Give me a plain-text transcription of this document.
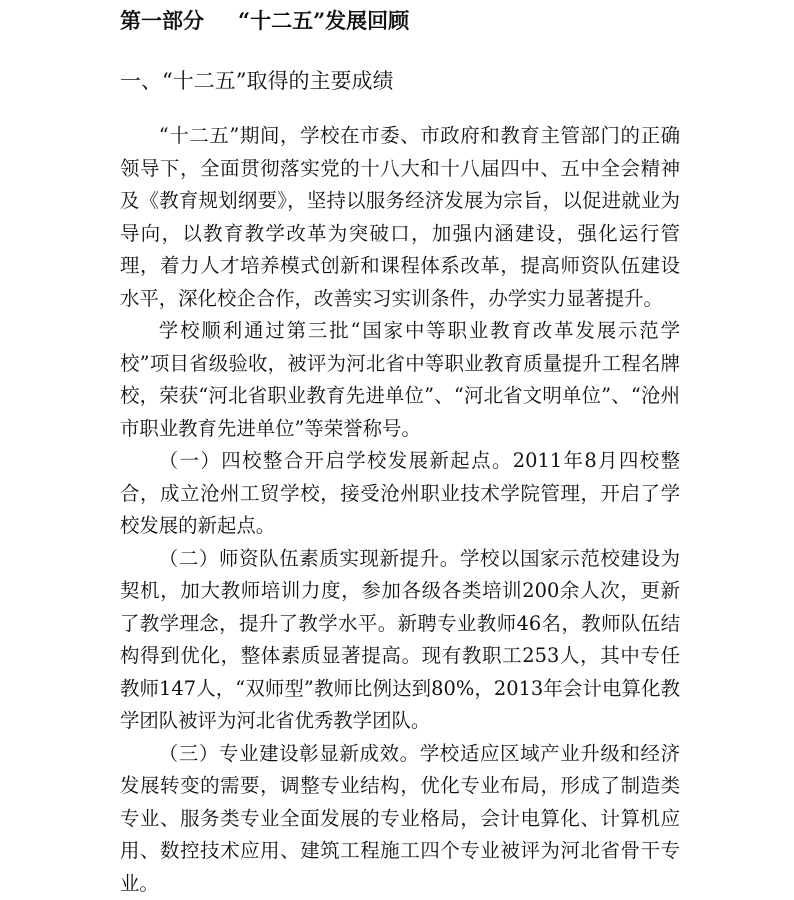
第一部分 “十二五”发展回顾
一、“十二五”取得的主要成绩

“十二五”期间，学校在市委、市政府和教育主管部门的正确领导下，全面贯彻落实党的十八大和十八届四中、五中全会精神及《教育规划纲要》，坚持以服务经济发展为宗旨，以促进就业为导向，以教育教学改革为突破口，加强内涵建设，强化运行管理，着力人才培养模式创新和课程体系改革，提高师资队伍建设水平，深化校企合作，改善实习实训条件，办学实力显著提升。

学校顺利通过第三批“国家中等职业教育改革发展示范学校”项目省级验收，被评为河北省中等职业教育质量提升工程名牌校，荣获“河北省职业教育先进单位”、“河北省文明单位”、“沧州市职业教育先进单位”等荣誉称号。

（一）四校整合开启学校发展新起点。2011年8月四校整合，成立沧州工贸学校，接受沧州职业技术学院管理，开启了学校发展的新起点。

（二）师资队伍素质实现新提升。学校以国家示范校建设为契机，加大教师培训力度，参加各级各类培训200余人次，更新了教学理念，提升了教学水平。新聘专业教师46名，教师队伍结构得到优化，整体素质显著提高。现有教职工253人，其中专任教师147人，“双师型”教师比例达到80%，2013年会计电算化教学团队被评为河北省优秀教学团队。

（三）专业建设彰显新成效。学校适应区域产业升级和经济发展转变的需要，调整专业结构，优化专业布局，形成了制造类专业、服务类专业全面发展的专业格局，会计电算化、计算机应用、数控技术应用、建筑工程施工四个专业被评为河北省骨干专业。
